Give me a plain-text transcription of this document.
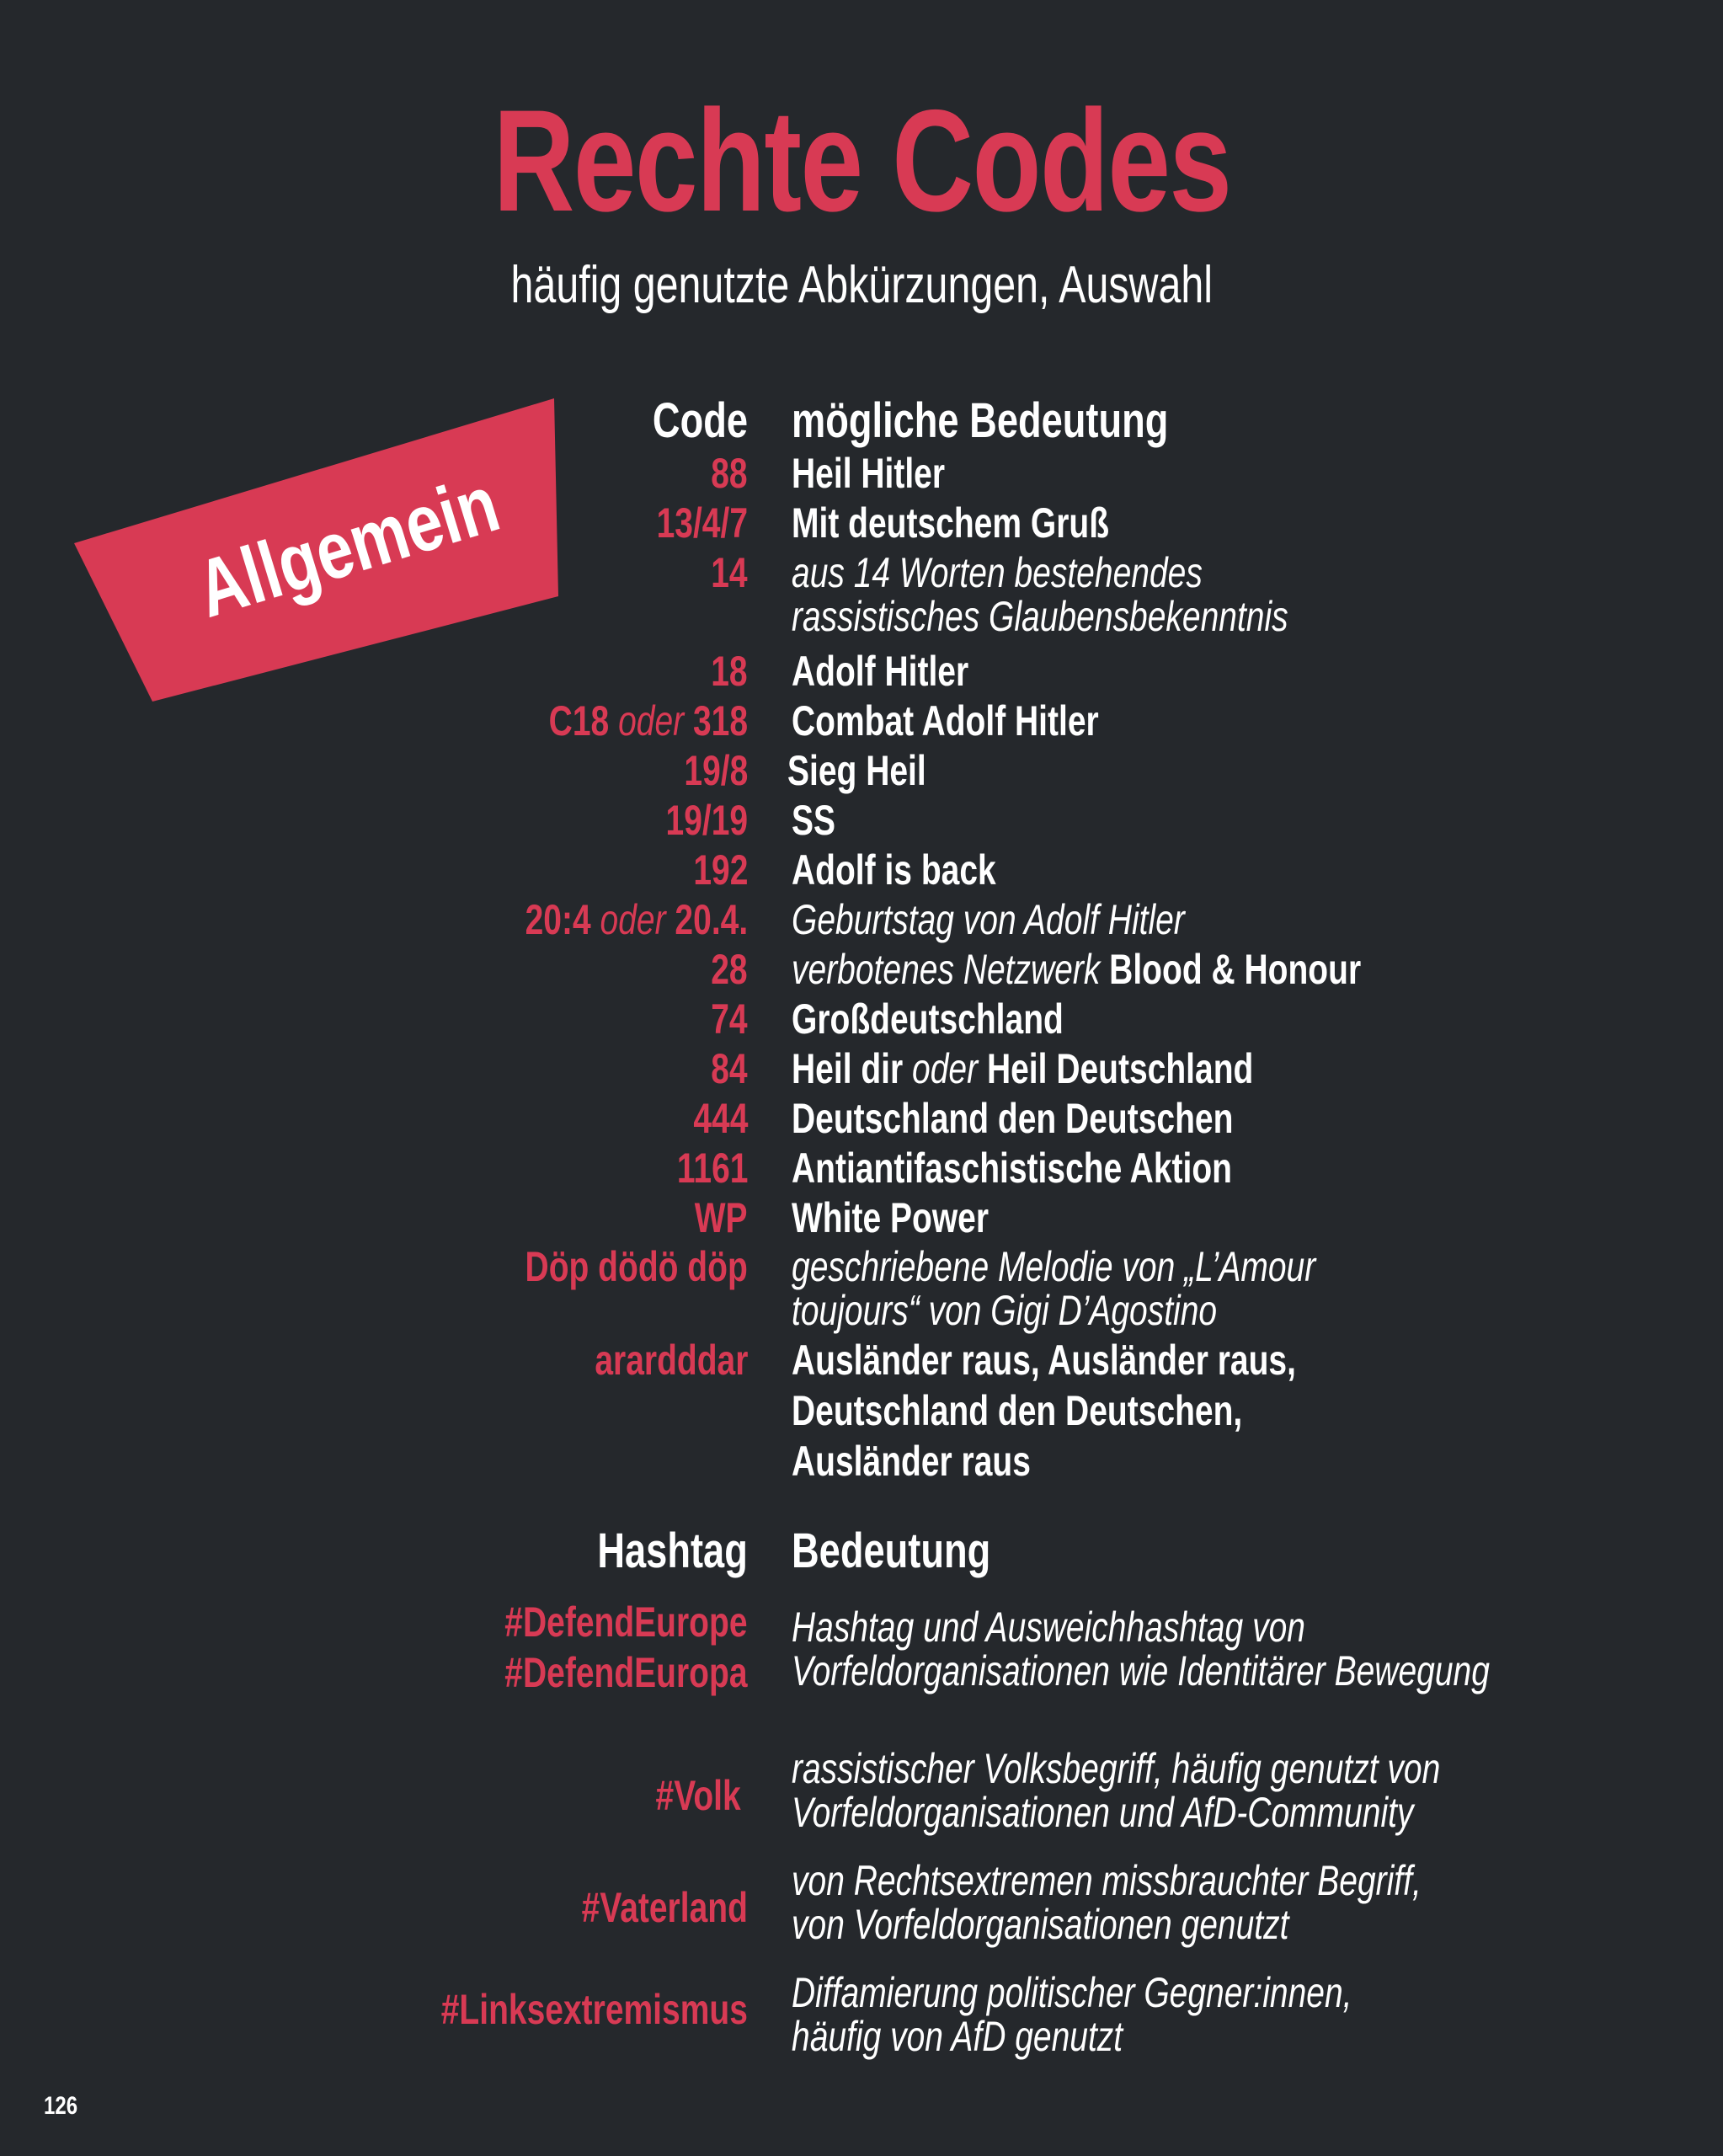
Rechte Codes
häufig genutzte Abkürzungen, Auswahl
Allgemein
Code mögliche Bedeutung
88 Heil Hitler
13/4/7 Mit deutschem Gruß
14 aus 14 Worten bestehendes
rassistisches Glaubensbekenntnis
18 Adolf Hitler
C18 oder 318 Combat Adolf Hitler
19/8 Sieg Heil
19/19 SS
192 Adolf is back
20:4 oder 20.4. Geburtstag von Adolf Hitler
28 verbotenes Netzwerk Blood & Honour
74 Großdeutschland
84 Heil dir oder Heil Deutschland
444 Deutschland den Deutschen
1161 Antiantifaschistische Aktion
WP White Power
Döp dödö döp geschriebene Melodie von „L’Amour
toujours“ von Gigi D’Agostino
arardddar Ausländer raus, Ausländer raus,
Deutschland den Deutschen,
Ausländer raus
Hashtag Bedeutung
#DefendEurope
#DefendEuropa
Hashtag und Ausweichhashtag von
Vorfeldorganisationen wie Identitärer Bewegung
#Volk
rassistischer Volksbegriff, häufig genutzt von
Vorfeldorganisationen und AfD-Community
#Vaterland
von Rechtsextremen missbrauchter Begriff,
von Vorfeldorganisationen genutzt
#Linksextremismus Diffamierung politischer Gegner:innen,
häufig von AfD genutzt
126
